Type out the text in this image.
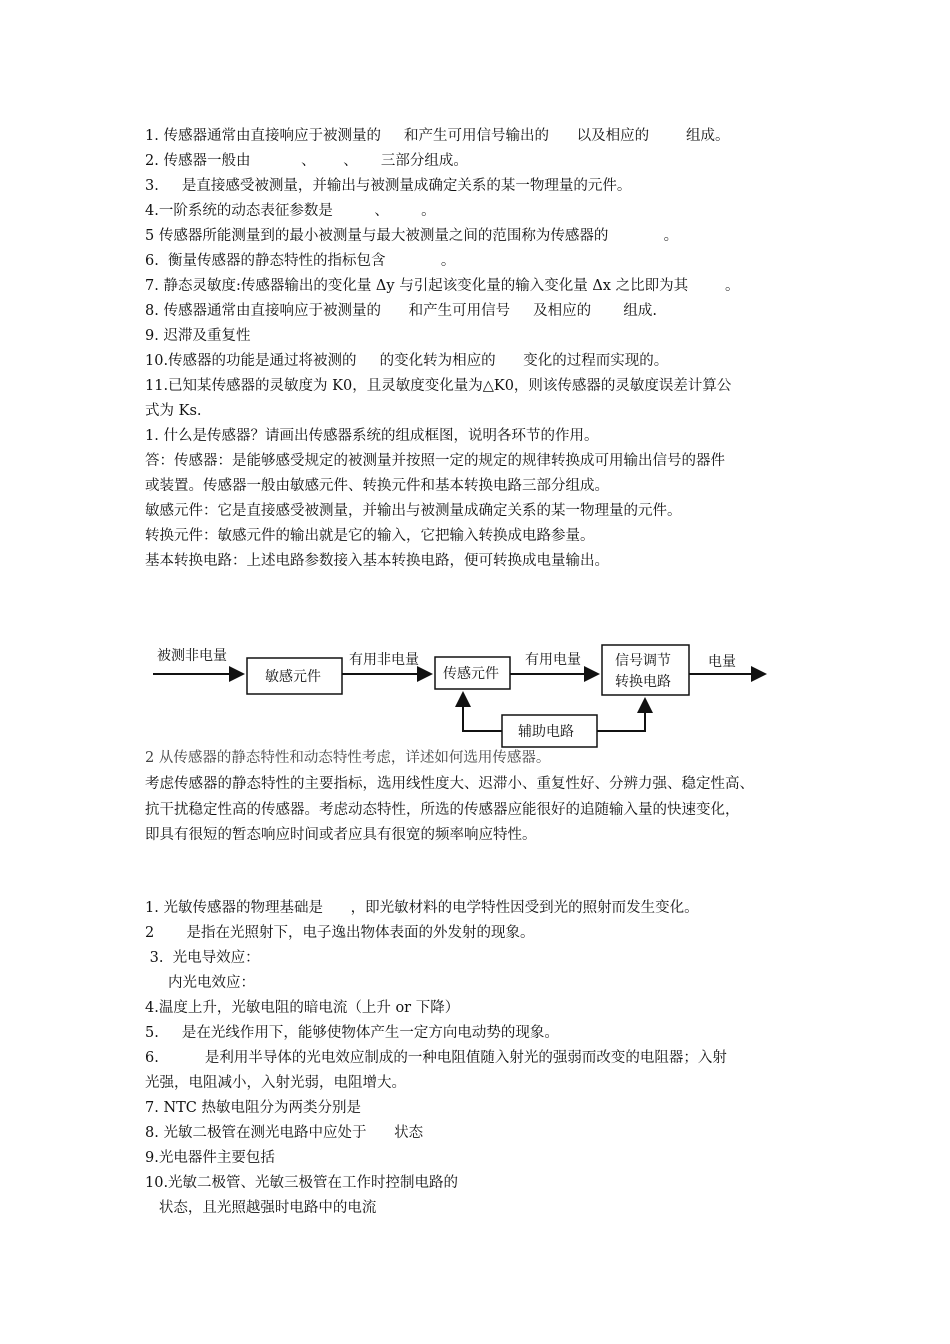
1. 传感器通常由直接响应于被测量的     和产生可用信号输出的      以及相应的        组成。
2. 传感器一般由           、      、     三部分组成。
3.     是直接感受被测量，并输出与被测量成确定关系的某一物理量的元件。
4.一阶系统的动态表征参数是         、       。
5 传感器所能测量到的最小被测量与最大被测量之间的范围称为传感器的            。
6.  衡量传感器的静态特性的指标包含            。
7. 静态灵敏度:传感器输出的变化量 Δy 与引起该变化量的输入变化量 Δx 之比即为其        。
8. 传感器通常由直接响应于被测量的      和产生可用信号     及相应的       组成.
9. 迟滞及重复性
10.传感器的功能是通过将被测的     的变化转为相应的      变化的过程而实现的。
11.已知某传感器的灵敏度为 K0，且灵敏度变化量为△K0，则该传感器的灵敏度误差计算公
式为 Ks.
1. 什么是传感器？请画出传感器系统的组成框图，说明各环节的作用。
答：传感器：是能够感受规定的被测量并按照一定的规定的规律转换成可用输出信号的器件
或装置。传感器一般由敏感元件、转换元件和基本转换电路三部分组成。
敏感元件：它是直接感受被测量，并输出与被测量成确定关系的某一物理量的元件。
转换元件：敏感元件的输出就是它的输入，它把输入转换成电路参量。
基本转换电路：上述电路参数接入基本转换电路，便可转换成电量输出。
被测非电量
敏感元件
有用非电量
传感元件
有用电量 信号调节
转换电路
电量
辅助电路
2 从传感器的静态特性和动态特性考虑，详述如何选用传感器。
考虑传感器的静态特性的主要指标，选用线性度大、迟滞小、重复性好、分辨力强、稳定性高、
抗干扰稳定性高的传感器。考虑动态特性，所选的传感器应能很好的追随输入量的快速变化，
即具有很短的暂态响应时间或者应具有很宽的频率响应特性。
1. 光敏传感器的物理基础是      ，即光敏材料的电学特性因受到光的照射而发生变化。
2       是指在光照射下，电子逸出物体表面的外发射的现象。
3.  光电导效应：
内光电效应：
4.温度上升，光敏电阻的暗电流（上升 or 下降）
5.     是在光线作用下，能够使物体产生一定方向电动势的现象。
6.          是利用半导体的光电效应制成的一种电阻值随入射光的强弱而改变的电阻器；入射
光强，电阻减小，入射光弱，电阻增大。
7. NTC 热敏电阻分为两类分别是
8. 光敏二极管在测光电路中应处于      状态
9.光电器件主要包括
10.光敏二极管、光敏三极管在工作时控制电路的
状态，且光照越强时电路中的电流
